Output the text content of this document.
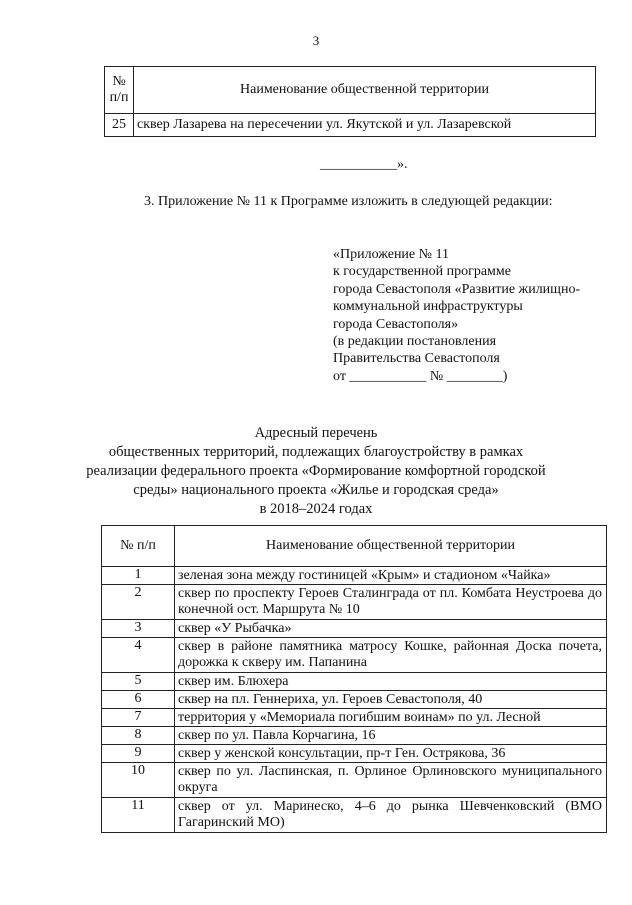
3
№ п/п	Наименование общественной территории
25	сквер Лазарева на пересечении ул. Якутской и ул. Лазаревской
___________».
3. Приложение № 11 к Программе изложить в следующей редакции:
«Приложение № 11
к государственной программе
города Севастополя «Развитие жилищно-
коммунальной инфраструктуры
города Севастополя»
(в редакции постановления
Правительства Севастополя
от ___________ № ________)
Адресный перечень
общественных территорий, подлежащих благоустройству в рамках
реализации федерального проекта «Формирование комфортной городской
среды» национального проекта «Жилье и городская среда»
в 2018–2024 годах
№ п/п	Наименование общественной территории
1	зеленая зона между гостиницей «Крым» и стадионом «Чайка»
2	сквер по проспекту Героев Сталинграда от пл. Комбата Неустроева до конечной ост. Маршрута № 10
3	сквер «У Рыбачка»
4	сквер в районе памятника матросу Кошке, районная Доска почета, дорожка к скверу им. Папанина
5	сквер им. Блюхера
6	сквер на пл. Геннериха, ул. Героев Севастополя, 40
7	территория у «Мемориала погибшим воинам» по ул. Лесной
8	сквер по ул. Павла Корчагина, 16
9	сквер у женской консультации, пр-т Ген. Острякова, 36
10	сквер по ул. Ласпинская, п. Орлиное Орлиновского муниципального округа
11	сквер от ул. Маринеско, 4–6 до рынка Шевченковский (ВМО Гагаринский МО)
